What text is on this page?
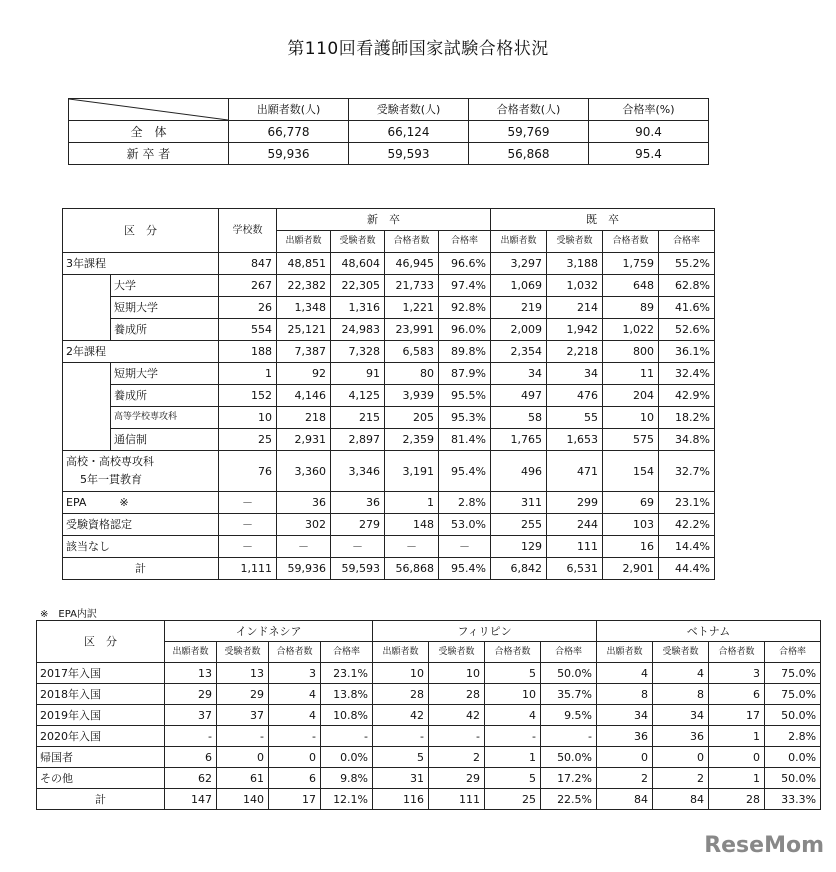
第110回看護師国家試験合格状況
	出願者数(人)	受験者数(人)	合格者数(人)	合格率(%)
全　体	66,778	66,124	59,769	90.4
新 卒 者	59,936	59,593	56,868	95.4
区　分		学校数	新　卒				既　卒			
			出願者数	受験者数	合格者数	合格率	出願者数	受験者数	合格者数	合格率
3年課程		847	48,851	48,604	46,945	96.6%	3,297	3,188	1,759	55.2%
	大学	267	22,382	22,305	21,733	97.4%	1,069	1,032	648	62.8%
	短期大学	26	1,348	1,316	1,221	92.8%	219	214	89	41.6%
	養成所	554	25,121	24,983	23,991	96.0%	2,009	1,942	1,022	52.6%
2年課程		188	7,387	7,328	6,583	89.8%	2,354	2,218	800	36.1%
	短期大学	1	92	91	80	87.9%	34	34	11	32.4%
	養成所	152	4,146	4,125	3,939	95.5%	497	476	204	42.9%
	高等学校専攻科	10	218	215	205	95.3%	58	55	10	18.2%
	通信制	25	2,931	2,897	2,359	81.4%	1,765	1,653	575	34.8%

高校・高校専攻科
5年一貫教育		76	3,360	3,346	3,191	95.4%	496	471	154	32.7%
EPA　　　※		－	36	36	1	2.8%	311	299	69	23.1%
受験資格認定		－	302	279	148	53.0%	255	244	103	42.2%
該当なし		－	－	－	－	－	129	111	16	14.4%
計		1,111	59,936	59,593	56,868	95.4%	6,842	6,531	2,901	44.4%
※　EPA内訳
区　分	インドネシア				フィリピン				ベトナム			
	出願者数	受験者数	合格者数	合格率	出願者数	受験者数	合格者数	合格率	出願者数	受験者数	合格者数	合格率
2017年入国	13	13	3	23.1%	10	10	5	50.0%	4	4	3	75.0%
2018年入国	29	29	4	13.8%	28	28	10	35.7%	8	8	6	75.0%
2019年入国	37	37	4	10.8%	42	42	4	9.5%	34	34	17	50.0%
2020年入国	-	-	-	-	-	-	-	-	36	36	1	2.8%
帰国者	6	0	0	0.0%	5	2	1	50.0%	0	0	0	0.0%
その他	62	61	6	9.8%	31	29	5	17.2%	2	2	1	50.0%
計	147	140	17	12.1%	116	111	25	22.5%	84	84	28	33.3%
ReseMom
